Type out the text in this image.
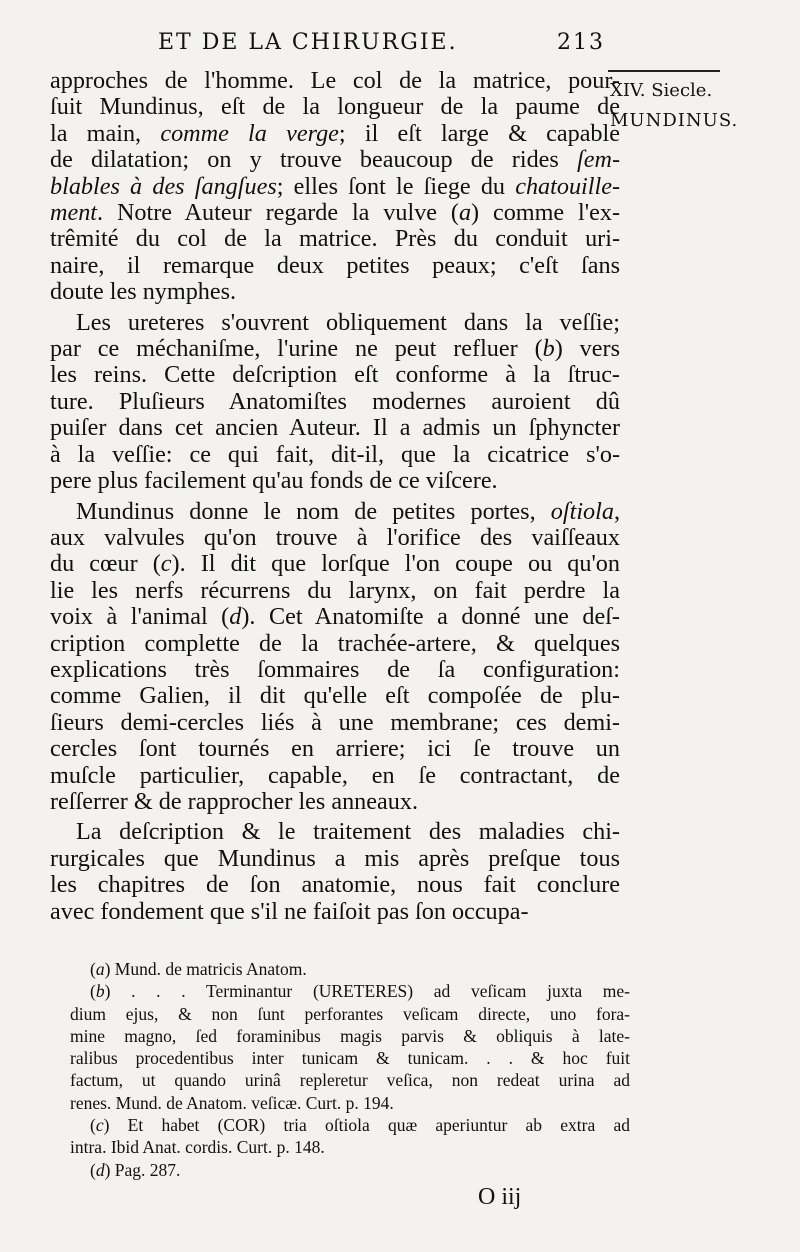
ET DE LA CHIRURGIE.	213
XIV. Siecle.
MUNDINUS.
approches de l'homme. Le col de la matrice, pour-
ſuit Mundinus, eſt de la longueur de la paume de
la main, comme la verge; il eſt large & capable
de dilatation; on y trouve beaucoup de rides ſem-
blables à des ſangſues; elles ſont le ſiege du chatouille-
ment. Notre Auteur regarde la vulve (a) comme l'ex-
trêmité du col de la matrice. Près du conduit uri-
naire, il remarque deux petites peaux; c'eſt ſans
doute les nymphes.
Les ureteres s'ouvrent obliquement dans la veſſie;
par ce méchaniſme, l'urine ne peut refluer (b) vers
les reins. Cette deſcription eſt conforme à la ſtruc-
ture. Pluſieurs Anatomiſtes modernes auroient dû
puiſer dans cet ancien Auteur. Il a admis un ſphyncter
à la veſſie: ce qui fait, dit-il, que la cicatrice s'o-
pere plus facilement qu'au fonds de ce viſcere.
Mundinus donne le nom de petites portes, oſtiola,
aux valvules qu'on trouve à l'orifice des vaiſſeaux
du cœur (c). Il dit que lorſque l'on coupe ou qu'on
lie les nerfs récurrens du larynx, on fait perdre la
voix à l'animal (d). Cet Anatomiſte a donné une deſ-
cription complette de la trachée-artere, & quelques
explications très ſommaires de ſa configuration:
comme Galien, il dit qu'elle eſt compoſée de plu-
ſieurs demi-cercles liés à une membrane; ces demi-
cercles ſont tournés en arriere; ici ſe trouve un
muſcle particulier, capable, en ſe contractant, de
reſſerrer & de rapprocher les anneaux.
La deſcription & le traitement des maladies chi-
rurgicales que Mundinus a mis après preſque tous
les chapitres de ſon anatomie, nous fait conclure
avec fondement que s'il ne faiſoit pas ſon occupa-
(a) Mund. de matricis Anatom.
(b) . . . Terminantur (URETERES) ad veſicam juxta me-
dium ejus, & non ſunt perforantes veſicam directe, uno fora-
mine magno, ſed foraminibus magis parvis & obliquis à late-
ralibus procedentibus inter tunicam & tunicam. . . & hoc fuit
factum, ut quando urinâ repleretur veſica, non redeat urina ad
renes. Mund. de Anatom. veſicæ. Curt. p. 194.
(c) Et habet (COR) tria oſtiola quæ aperiuntur ab extra ad
intra. Ibid Anat. cordis. Curt. p. 148.
(d) Pag. 287.
O iij
